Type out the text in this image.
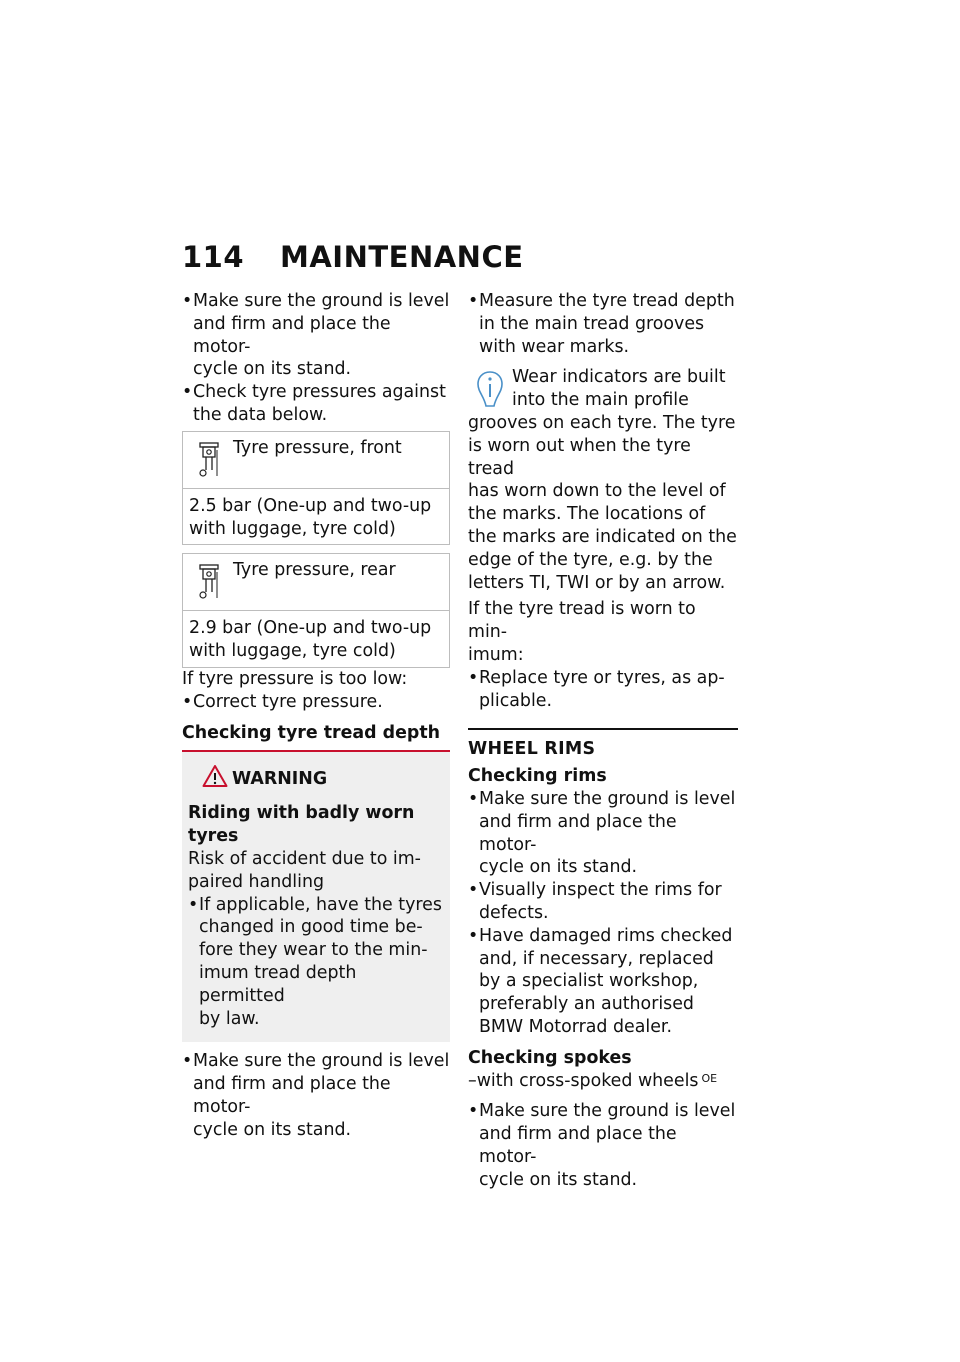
114 MAINTENANCE
• Make sure the ground is level
and firm and place the motor-
cycle on its stand.
• Check tyre pressures against
the data below.
Tyre pressure, front
2.5 bar (One-up and two-up
with luggage, tyre cold)
Tyre pressure, rear
2.9 bar (One-up and two-up
with luggage, tyre cold)

If tyre pressure is too low:

• Correct tyre pressure.
Checking tyre tread depth
WARNING
Riding with badly worn tyres
Risk of accident due to im-
paired handling
• If applicable, have the tyres
changed in good time be-
fore they wear to the min-
imum tread depth permitted
by law.
• Make sure the ground is level
and firm and place the motor-
cycle on its stand.
• Measure the tyre tread depth
in the main tread grooves
with wear marks.
Wear indicators are built
into the main profile
grooves on each tyre. The tyre
is worn out when the tyre tread
has worn down to the level of
the marks. The locations of
the marks are indicated on the
edge of the tyre, e.g. by the
letters TI, TWI or by an arrow.
If the tyre tread is worn to min-
imum:
• Replace tyre or tyres, as ap-
plicable.
WHEEL RIMS
Checking rims
• Make sure the ground is level
and firm and place the motor-
cycle on its stand.
• Visually inspect the rims for
defects.
• Have damaged rims checked
and, if necessary, replaced
by a specialist workshop,
preferably an authorised
BMW Motorrad dealer.
Checking spokes
–with cross-spoked wheels $^{OE}$
• Make sure the ground is level
and firm and place the motor-
cycle on its stand.
